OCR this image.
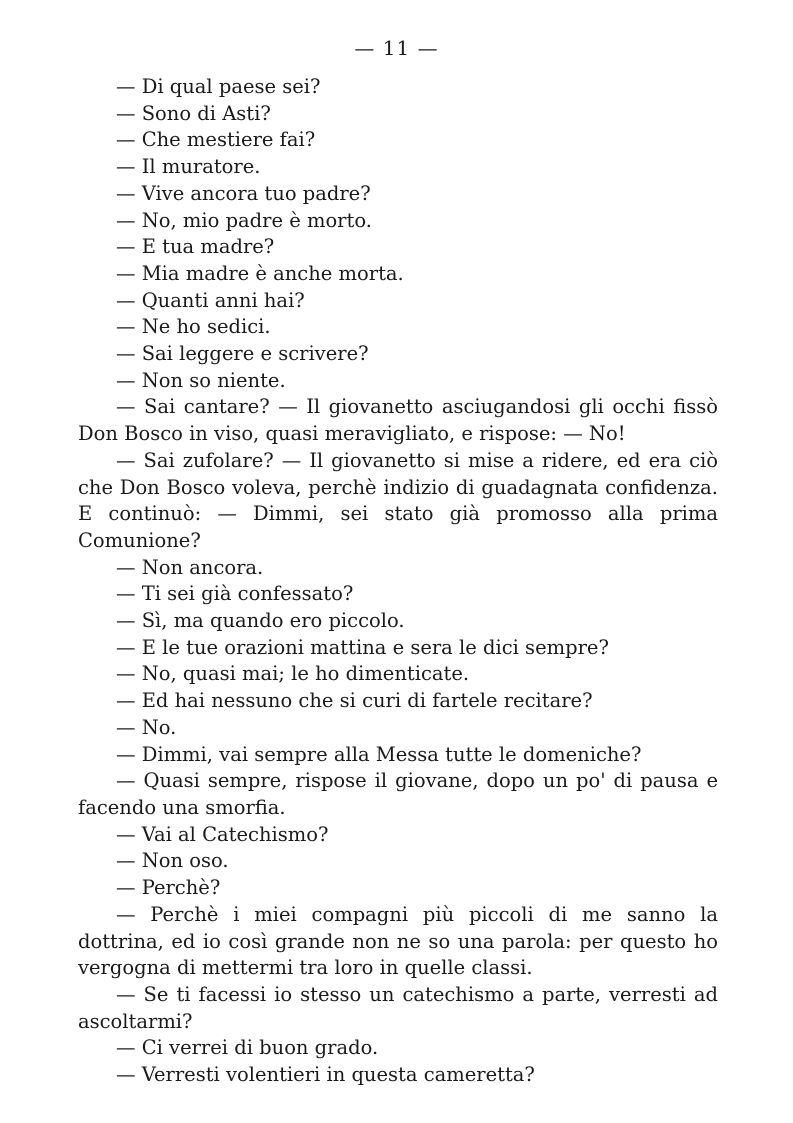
— 11 —

— Di qual paese sei?

— Sono di Asti?

— Che mestiere fai?

— Il muratore.

— Vive ancora tuo padre?

— No, mio padre è morto.

— E tua madre?

— Mia madre è anche morta.

— Quanti anni hai?

— Ne ho sedici.

— Sai leggere e scrivere?

— Non so niente.

— Sai cantare? — Il giovanetto asciugandosi gli occhi fissò Don Bosco in viso, quasi meravigliato, e rispose: — No!

— Sai zufolare? — Il giovanetto si mise a ridere, ed era ciò che Don Bosco voleva, perchè indizio di guadagnata confidenza. E continuò: — Dimmi, sei stato già promosso alla prima Comunione?

— Non ancora.

— Ti sei già confessato?

— Sì, ma quando ero piccolo.

— E le tue orazioni mattina e sera le dici sempre?

— No, quasi mai; le ho dimenticate.

— Ed hai nessuno che si curi di fartele recitare?

— No.

— Dimmi, vai sempre alla Messa tutte le domeniche?

— Quasi sempre, rispose il giovane, dopo un po' di pausa e facendo una smorfia.

— Vai al Catechismo?

— Non oso.

— Perchè?

— Perchè i miei compagni più piccoli di me sanno la dottrina, ed io così grande non ne so una parola: per questo ho vergogna di mettermi tra loro in quelle classi.

— Se ti facessi io stesso un catechismo a parte, verresti ad ascoltarmi?

— Ci verrei di buon grado.

— Verresti volentieri in questa cameretta?
